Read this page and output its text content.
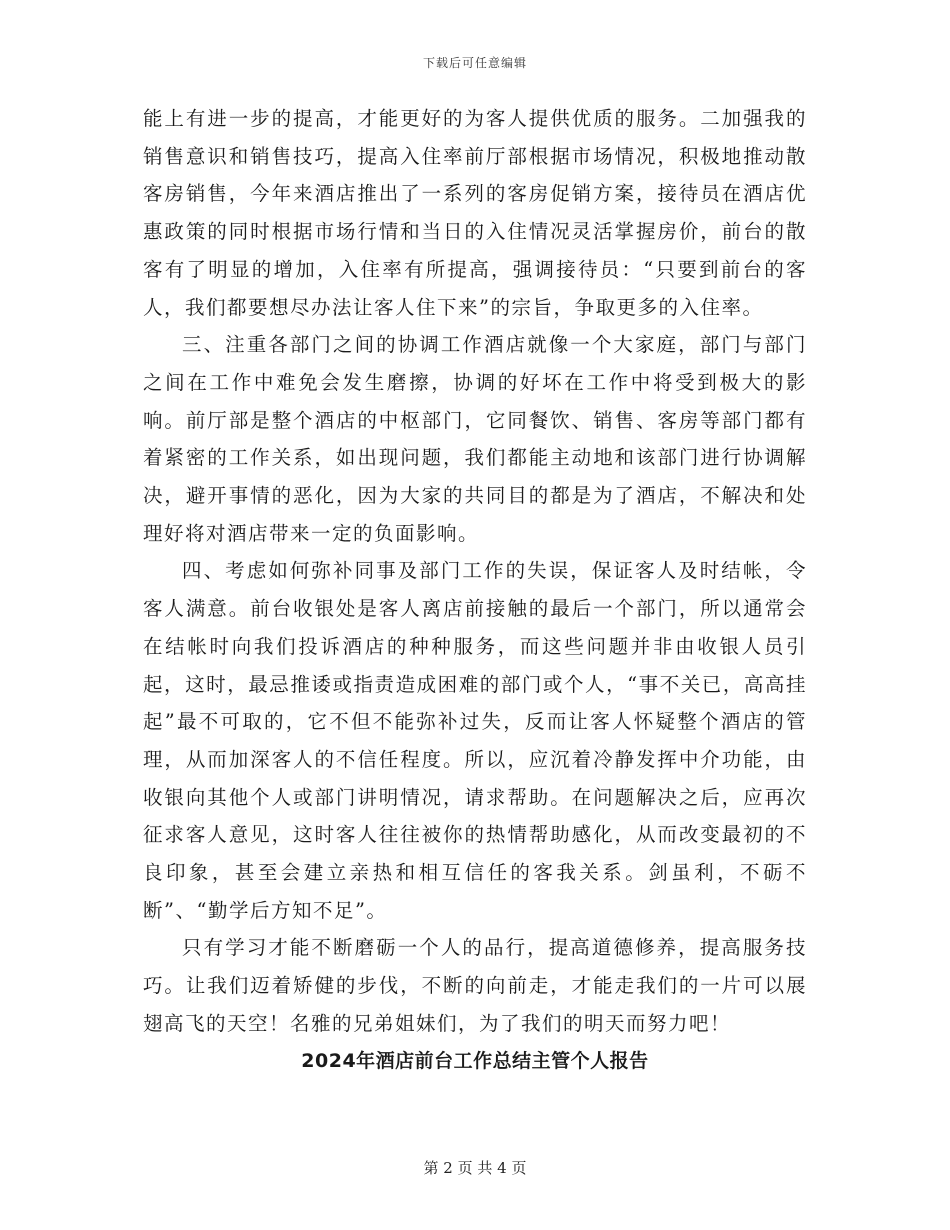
下载后可任意编辑

能上有进一步的提高，才能更好的为客人提供优质的服务。二加强我的销售意识和销售技巧，提高入住率前厅部根据市场情况，积极地推动散客房销售，今年来酒店推出了一系列的客房促销方案，接待员在酒店优惠政策的同时根据市场行情和当日的入住情况灵活掌握房价，前台的散客有了明显的增加，入住率有所提高，强调接待员：“只要到前台的客人，我们都要想尽办法让客人住下来”的宗旨，争取更多的入住率。

三、注重各部门之间的协调工作酒店就像一个大家庭，部门与部门之间在工作中难免会发生磨擦，协调的好坏在工作中将受到极大的影响。前厅部是整个酒店的中枢部门，它同餐饮、销售、客房等部门都有着紧密的工作关系，如出现问题，我们都能主动地和该部门进行协调解决，避开事情的恶化，因为大家的共同目的都是为了酒店，不解决和处理好将对酒店带来一定的负面影响。

四、考虑如何弥补同事及部门工作的失误，保证客人及时结帐，令客人满意。前台收银处是客人离店前接触的最后一个部门，所以通常会在结帐时向我们投诉酒店的种种服务，而这些问题并非由收银人员引起，这时，最忌推诿或指责造成困难的部门或个人，“事不关已，高高挂起”最不可取的，它不但不能弥补过失，反而让客人怀疑整个酒店的管理，从而加深客人的不信任程度。所以，应沉着冷静发挥中介功能，由收银向其他个人或部门讲明情况，请求帮助。在问题解决之后，应再次征求客人意见，这时客人往往被你的热情帮助感化，从而改变最初的不良印象，甚至会建立亲热和相互信任的客我关系。剑虽利，不砺不断”、“勤学后方知不足”。

只有学习才能不断磨砺一个人的品行，提高道德修养，提高服务技巧。让我们迈着矫健的步伐，不断的向前走，才能走我们的一片可以展翅高飞的天空！名雅的兄弟姐妹们，为了我们的明天而努力吧！

2024年酒店前台工作总结主管个人报告
第 2 页 共 4 页
